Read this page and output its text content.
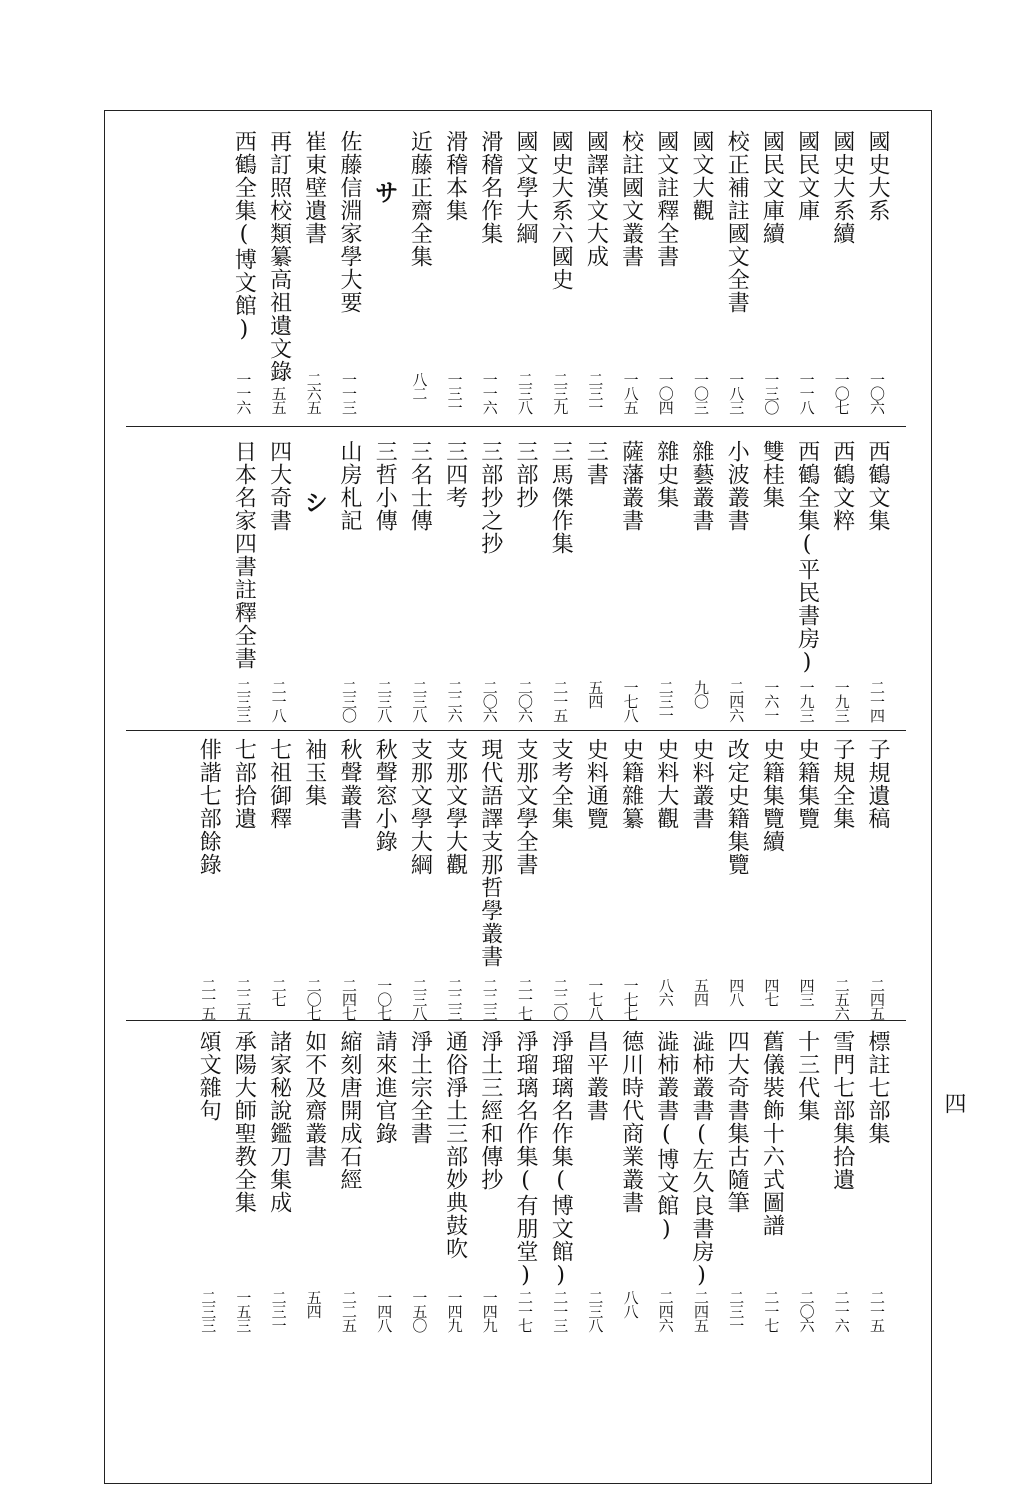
國史大系
一〇六
國史大系續
一〇七
國民文庫
一一八
國民文庫續
一三〇
校正補註國文全書
一八三
國文大觀
一〇三
國文註釋全書
一〇四
校註國文叢書
一八五
國譯漢文大成
二三一
國史大系六國史
二三九
國文學大綱
二三八
滑稽名作集
一一六
滑稽本集
一三一
近藤正齋全集
八二
サ
佐藤信淵家學大要
一一三
崔東壁遺書
二六五
再訂照校類纂高祖遺文錄
一五五
西鶴全集(博文館)
一一六
西鶴文集
二一四
西鶴文粹
一九三
西鶴全集(平民書房)
一九三
雙桂集
一六一
小波叢書
二四六
雜藝叢書
九〇
雜史集
二三一
薩藩叢書
一七八
三書
五四
三馬傑作集
二一五
三部抄
二〇六
三部抄之抄
二〇六
三四考
二二六
三名士傳
二三八
三哲小傳
二三八
山房札記
二三〇
シ
四大奇書
二一八
日本名家四書註釋全書
二三三
子規遺稿
二四五
子規全集
二五六
史籍集覽
四三
史籍集覽續
四七
改定史籍集覽
四八
史料叢書
五四
史料大觀
八六
史籍雜纂
一七七
史料通覽
一七八
支考全集
二二〇
支那文學全書
二一七
現代語譯支那哲學叢書
二二三
支那文學大觀
二二三
支那文學大綱
二三八
秋聲窓小錄
一〇七
秋聲叢書
二四七
袖玉集
二〇七
七祖御釋
二七
七部拾遺
二二五
俳諧七部餘錄
二一五
標註七部集
二一五
雪門七部集拾遺
二一六
十三代集
二〇六
舊儀裝飾十六式圖譜
二一七
四大奇書集古隨筆
二三一
澁柿叢書(左久良書房)
二四五
澁柿叢書(博文館)
二四六
德川時代商業叢書
八八
昌平叢書
二三八
淨瑠璃名作集(博文館)
二一三
淨瑠璃名作集(有朋堂)
二一七
淨土三經和傳抄
一四九
通俗淨土三部妙典鼓吹
一四九
淨土宗全書
一五〇
請來進官錄
一四八
縮刻唐開成石經
二二五
如不及齋叢書
五四
諸家秘說鑑刀集成
二三一
承陽大師聖教全集
一五三
頌文雜句
二三三
四
